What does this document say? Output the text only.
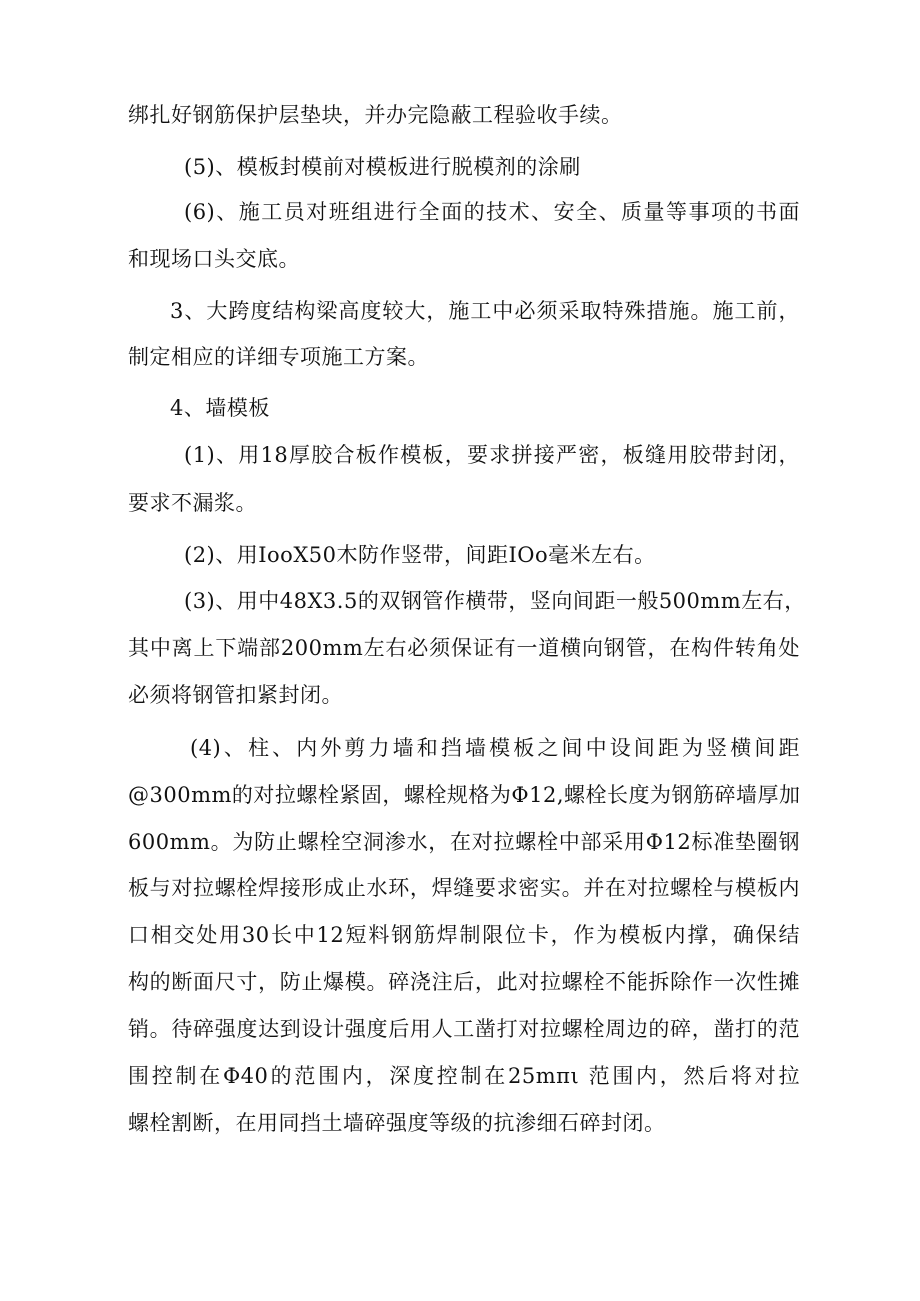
绑扎好钢筋保护层垫块，并办完隐蔽工程验收手续。
(5)、模板封模前对模板进行脱模剂的涂刷
(6)、施工员对班组进行全面的技术、安全、质量等事项的书面
和现场口头交底。
3、大跨度结构梁高度较大，施工中必须采取特殊措施。施工前，
制定相应的详细专项施工方案。
4、墙模板
(1)、用18厚胶合板作模板，要求拼接严密，板缝用胶带封闭，
要求不漏浆。
(2)、用IooX50木防作竖带，间距IOo毫米左右。
(3)、用中48X3.5的双钢管作横带，竖向间距一般500mm左右，
其中离上下端部200mm左右必须保证有一道横向钢管，在构件转角处
必须将钢管扣紧封闭。
(4)、柱、内外剪力墙和挡墙模板之间中设间距为竖横间距
@300mm的对拉螺栓紧固，螺栓规格为Φ12,螺栓长度为钢筋碎墙厚加
600mm。为防止螺栓空洞渗水，在对拉螺栓中部采用Φ12标准垫圈钢
板与对拉螺栓焊接形成止水环，焊缝要求密实。并在对拉螺栓与模板内
口相交处用30长中12短料钢筋焊制限位卡，作为模板内撑，确保结
构的断面尺寸，防止爆模。碎浇注后，此对拉螺栓不能拆除作一次性摊
销。待碎强度达到设计强度后用人工凿打对拉螺栓周边的碎，凿打的范
围控制在Φ40的范围内，深度控制在25mπι 范围内，然后将对拉
螺栓割断，在用同挡土墙碎强度等级的抗渗细石碎封闭。
